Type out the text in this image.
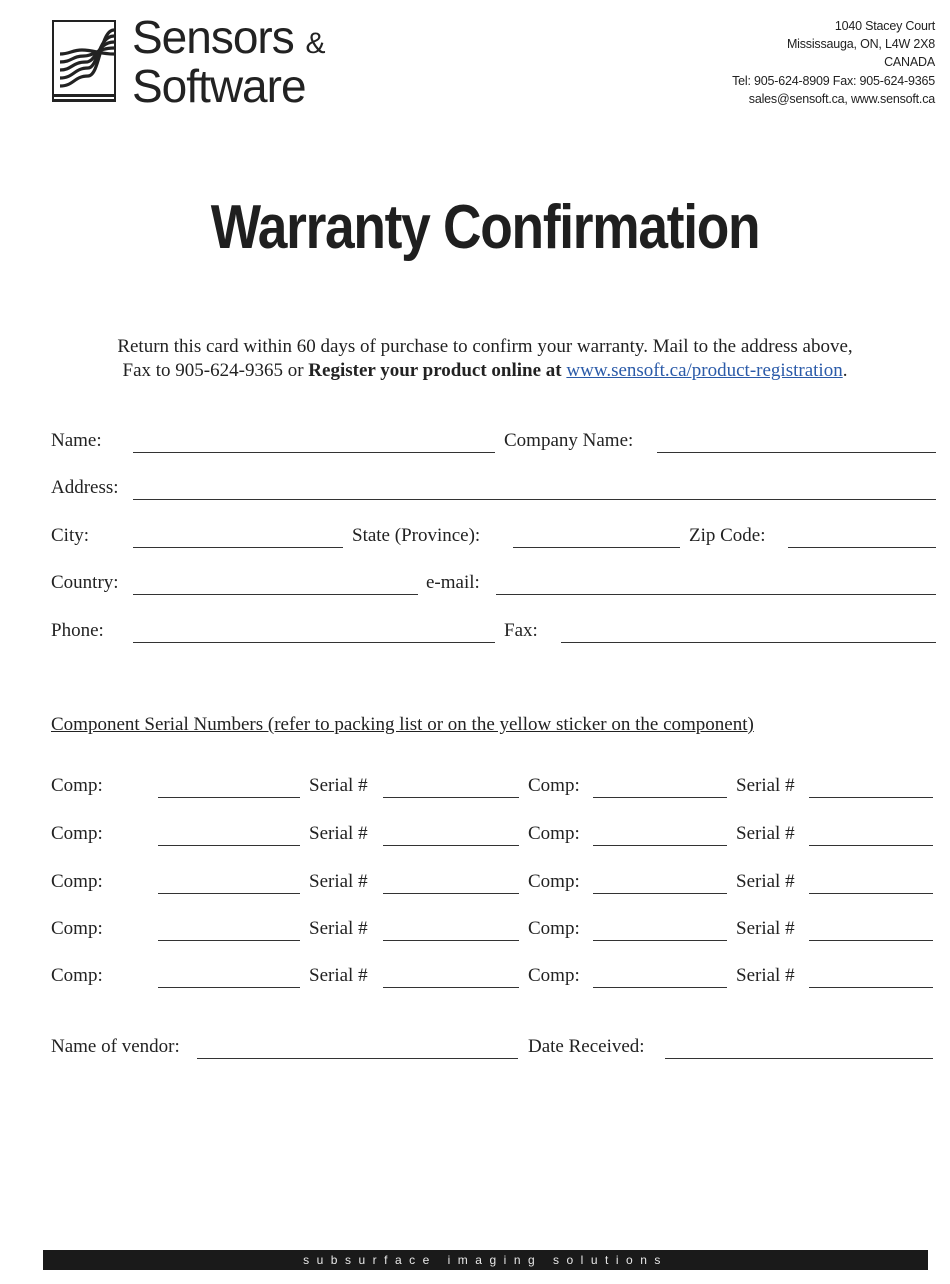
Sensors &
Software
1040 Stacey Court
Mississauga, ON, L4W 2X8
CANADA
Tel: 905-624-8909 Fax: 905-624-9365
sales@sensoft.ca, www.sensoft.ca
Warranty Confirmation
Return this card within 60 days of purchase to confirm your warranty. Mail to the address above,
Fax to 905-624-9365 or Register your product online at www.sensoft.ca/product-registration.
Name:	Company Name:
Address:
City:	State (Province):	Zip Code:
Country:	e-mail:
Phone:	Fax:
Component Serial Numbers (refer to packing list or on the yellow sticker on the component)
Comp:	Serial #	Comp:	Serial #
Comp:	Serial #	Comp:	Serial #
Comp:	Serial #	Comp:	Serial #
Comp:	Serial #	Comp:	Serial #
Comp:	Serial #	Comp:	Serial #
Name of vendor:	Date Received:
subsurface imaging solutions
